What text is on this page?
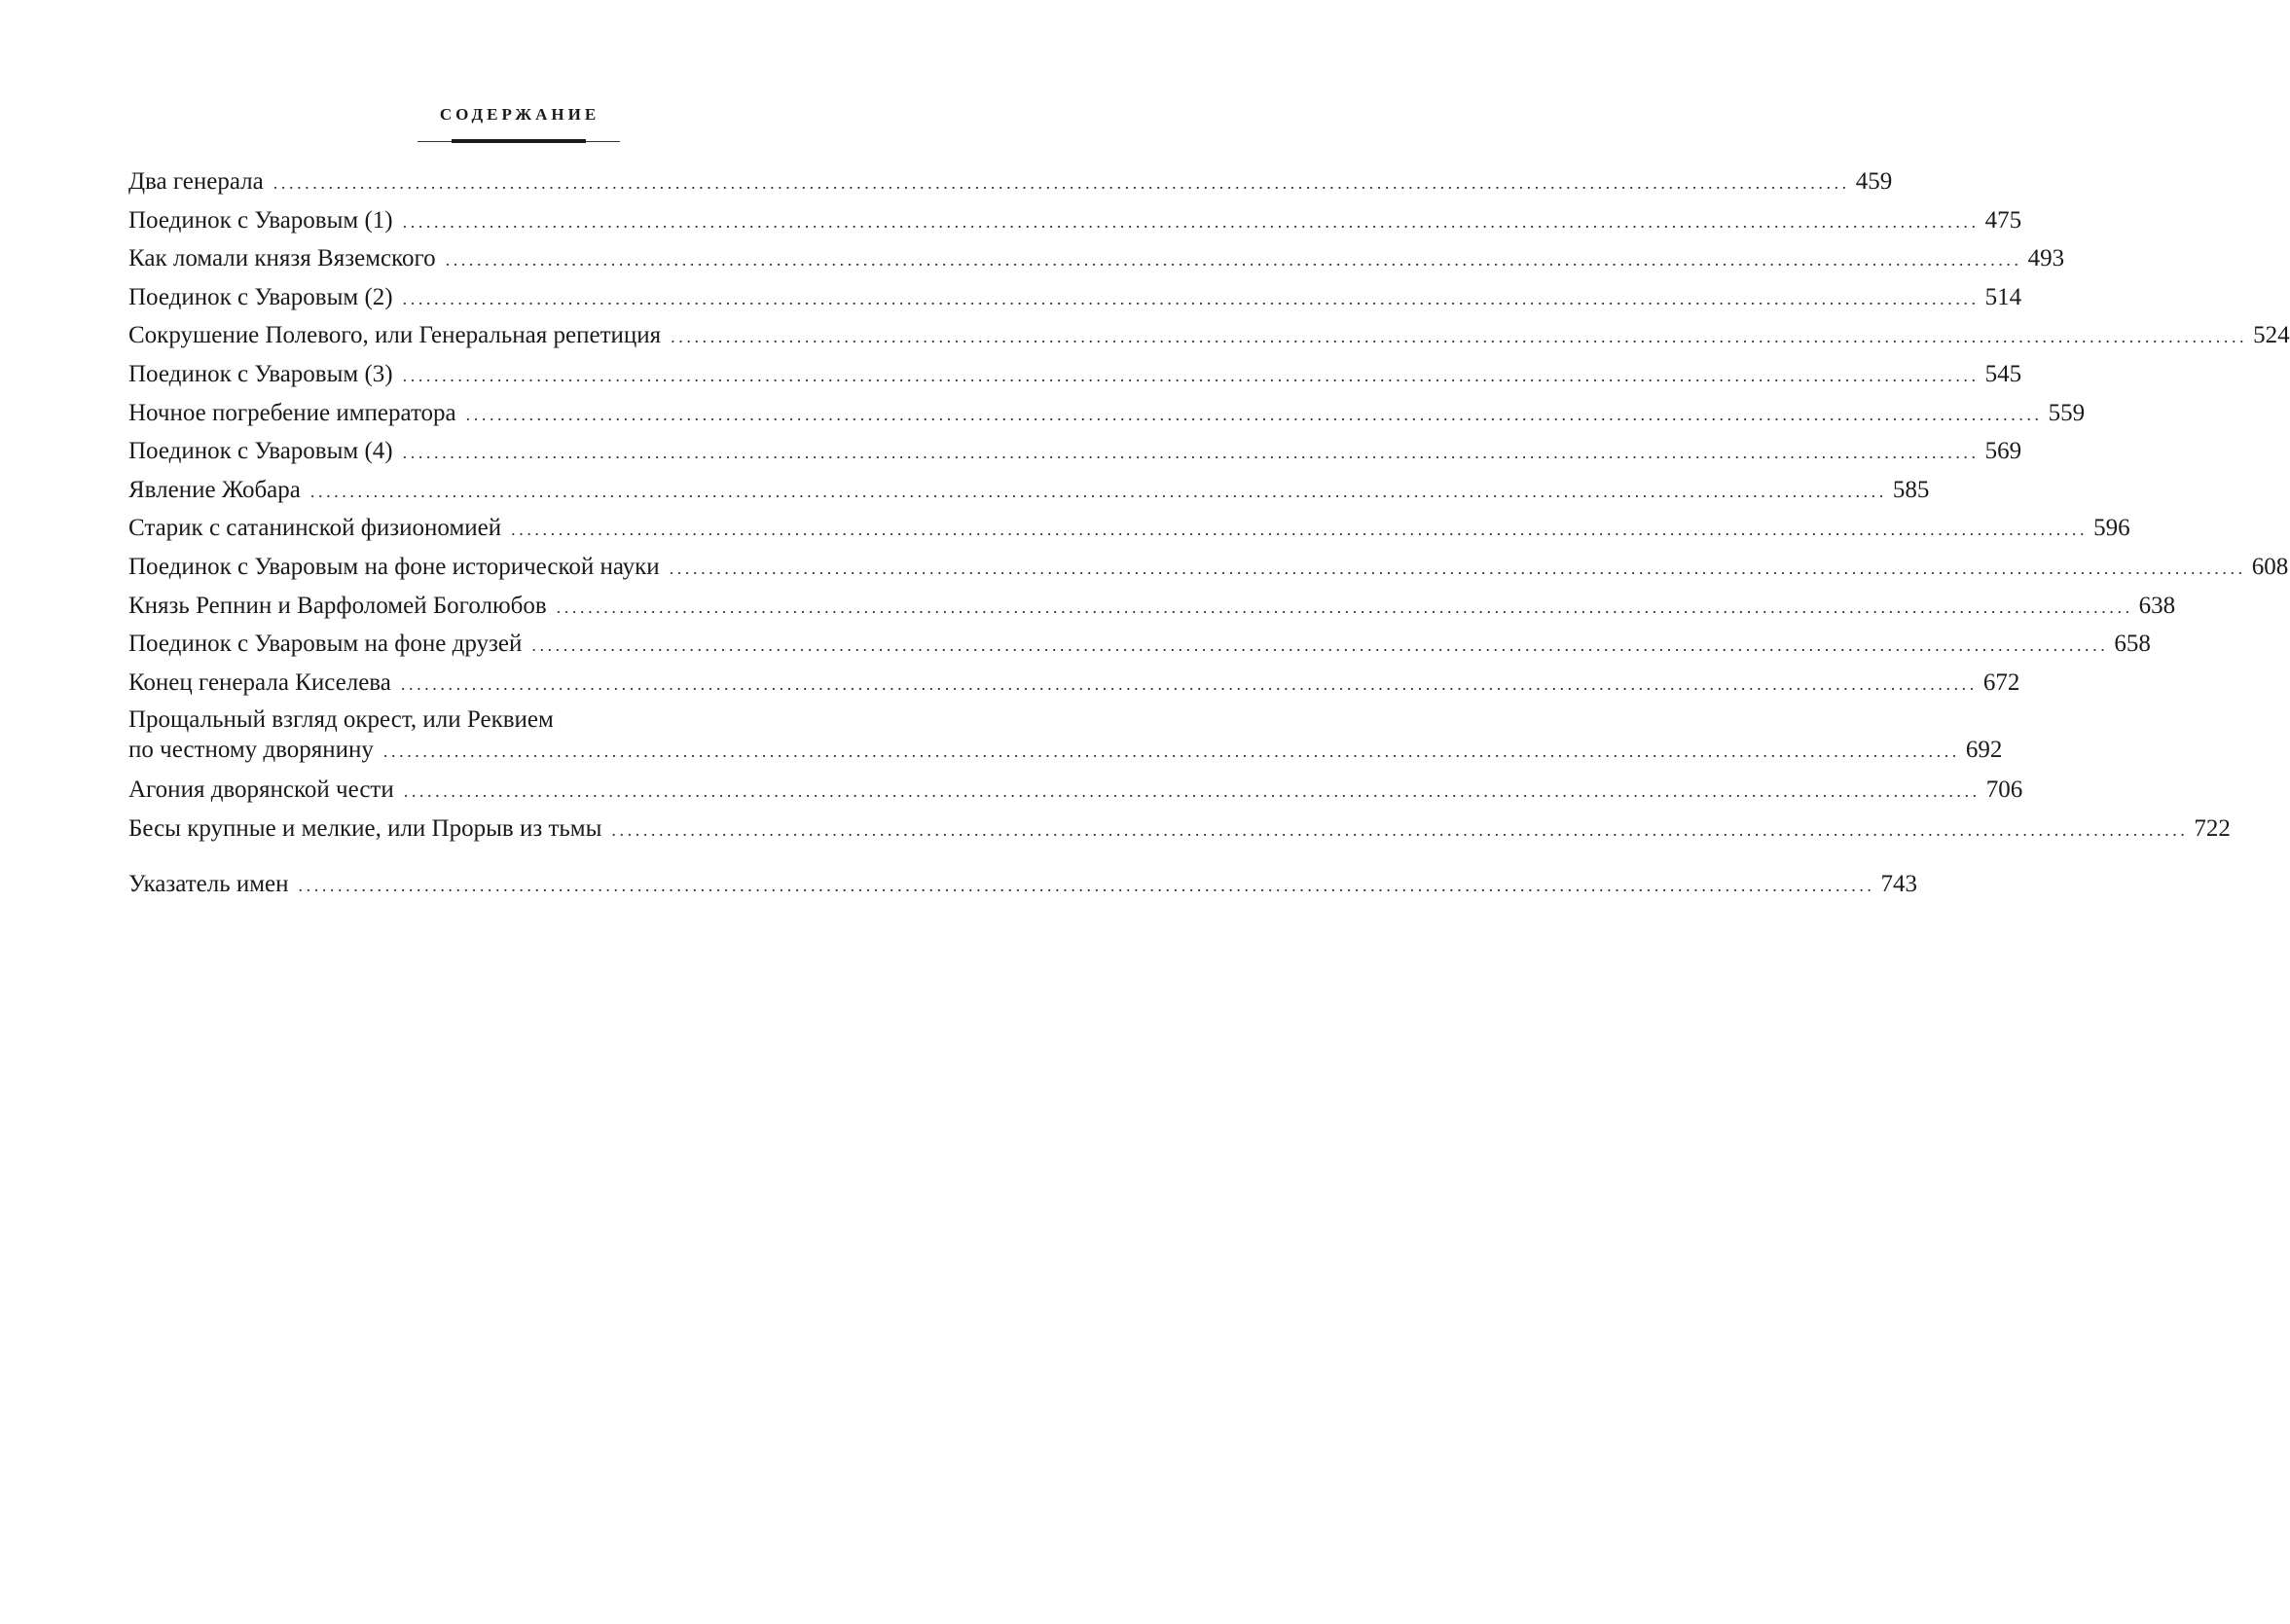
СОДЕРЖАНИЕ
Два генерала ........................................................................................................................................................................................................ 459
Поединок с Уваровым (1) ........................................................................................................................................................................................................ 475
Как ломали князя Вяземского ........................................................................................................................................................................................................ 493
Поединок с Уваровым (2) ........................................................................................................................................................................................................ 514
Сокрушение Полевого, или Генеральная репетиция ........................................................................................................................................................................................................ 524
Поединок с Уваровым (3) ........................................................................................................................................................................................................ 545
Ночное погребение императора ........................................................................................................................................................................................................ 559
Поединок с Уваровым (4) ........................................................................................................................................................................................................ 569
Явление Жобара ........................................................................................................................................................................................................ 585
Старик с сатанинской физиономией ........................................................................................................................................................................................................ 596
Поединок с Уваровым на фоне исторической науки ........................................................................................................................................................................................................ 608
Князь Репнин и Варфоломей Боголюбов ........................................................................................................................................................................................................ 638
Поединок с Уваровым на фоне друзей ........................................................................................................................................................................................................ 658
Конец генерала Киселева ........................................................................................................................................................................................................ 672
Прощальный взгляд окрест, или Реквием
по честному дворянину ........................................................................................................................................................................................................ 692
Агония дворянской чести ........................................................................................................................................................................................................ 706
Бесы крупные и мелкие, или Прорыв из тьмы ........................................................................................................................................................................................................ 722
Указатель имен ........................................................................................................................................................................................................ 743
